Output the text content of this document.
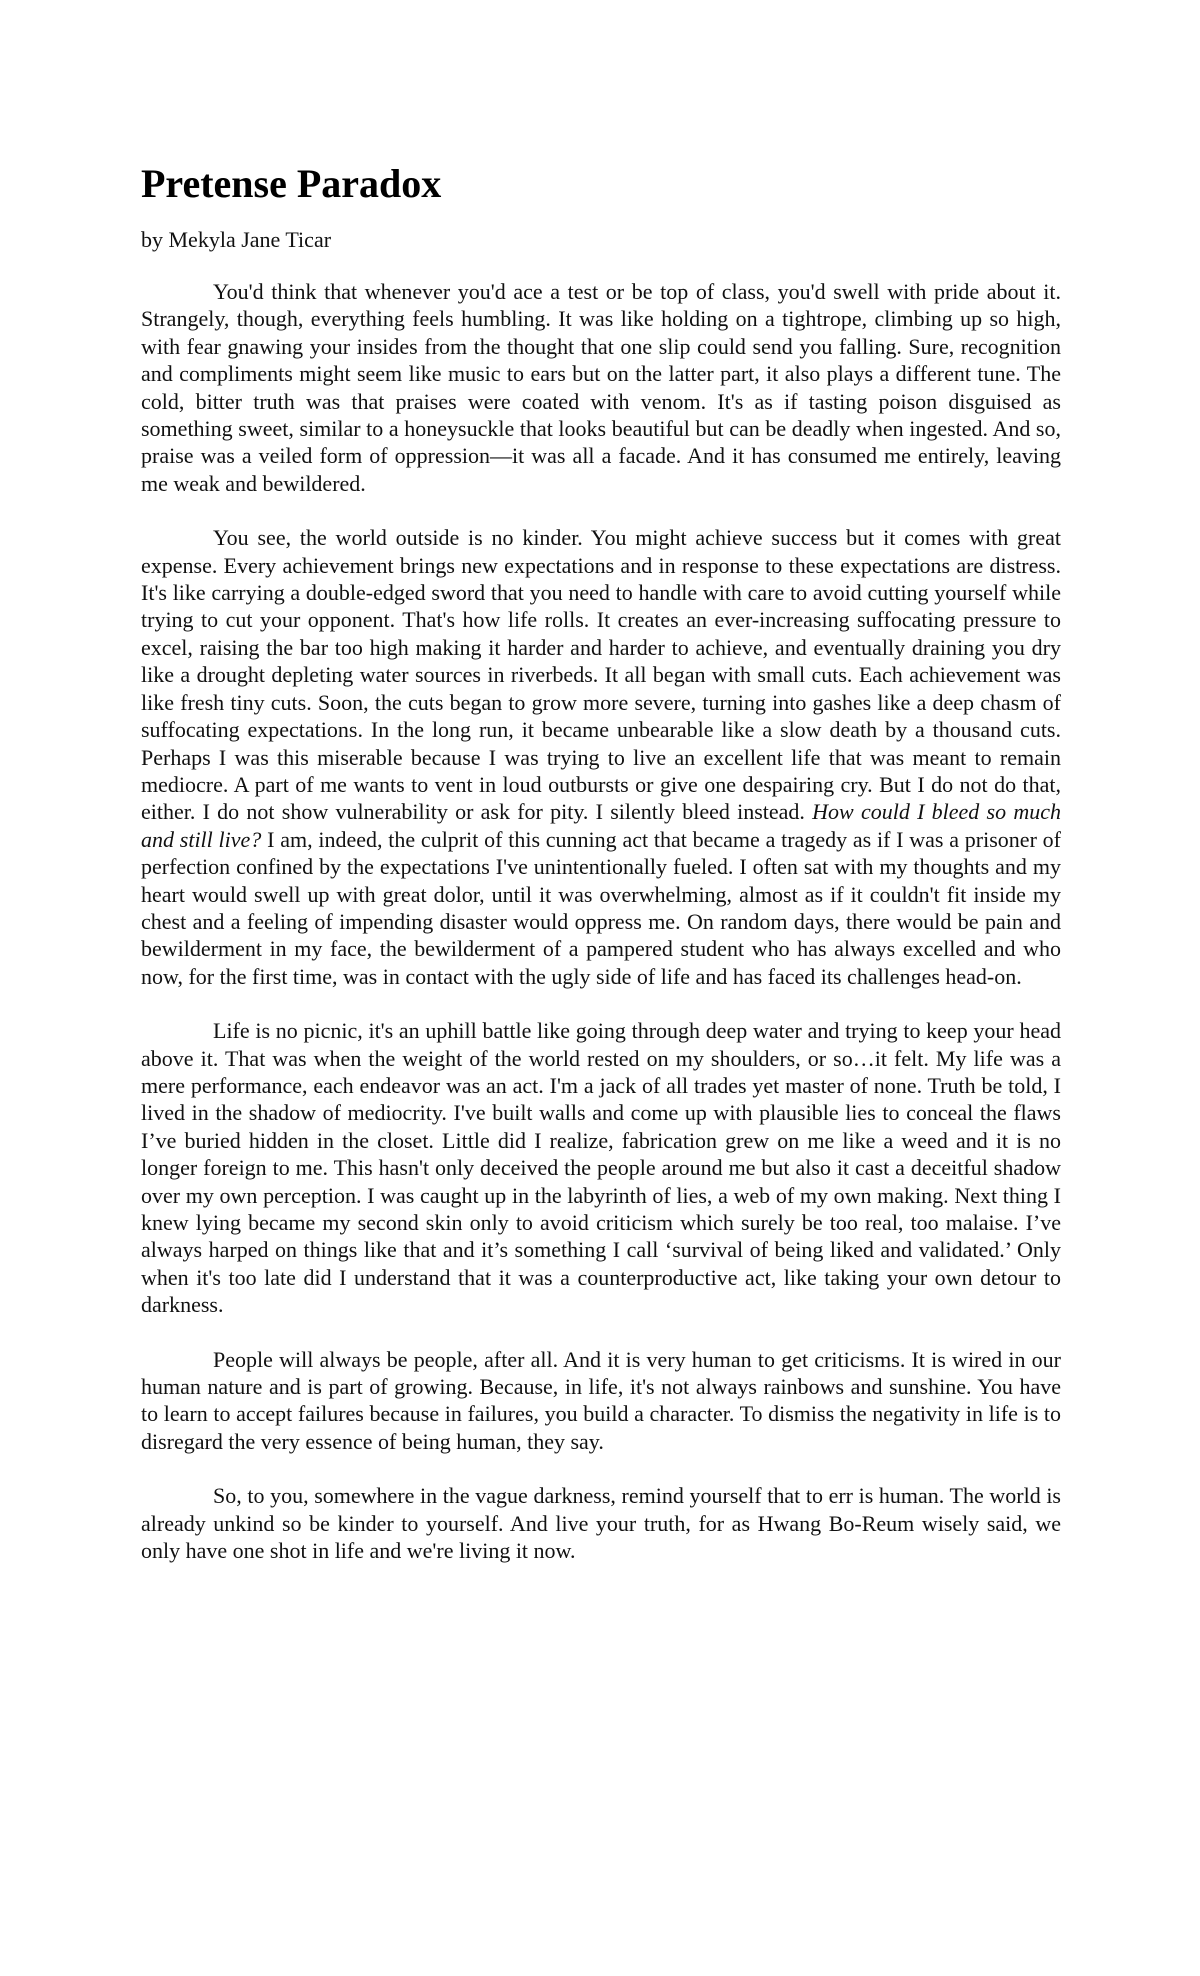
Pretense Paradox
by Mekyla Jane Ticar

You'd think that whenever you'd ace a test or be top of class, you'd swell with pride about it. Strangely, though, everything feels humbling. It was like holding on a tightrope, climbing up so high, with fear gnawing your insides from the thought that one slip could send you falling. Sure, recognition and compliments might seem like music to ears but on the latter part, it also plays a different tune. The cold, bitter truth was that praises were coated with venom. It's as if tasting poison disguised as something sweet, similar to a honeysuckle that looks beautiful but can be deadly when ingested. And so, praise was a veiled form of oppression—it was all a facade. And it has consumed me entirely, leaving me weak and bewildered.

You see, the world outside is no kinder. You might achieve success but it comes with great expense. Every achievement brings new expectations and in response to these expectations are distress. It's like carrying a double-edged sword that you need to handle with care to avoid cutting yourself while trying to cut your opponent. That's how life rolls. It creates an ever-increasing suffocating pressure to excel, raising the bar too high making it harder and harder to achieve, and eventually draining you dry like a drought depleting water sources in riverbeds. It all began with small cuts. Each achievement was like fresh tiny cuts. Soon, the cuts began to grow more severe, turning into gashes like a deep chasm of suffocating expectations. In the long run, it became unbearable like a slow death by a thousand cuts. Perhaps I was this miserable because I was trying to live an excellent life that was meant to remain mediocre. A part of me wants to vent in loud outbursts or give one despairing cry. But I do not do that, either. I do not show vulnerability or ask for pity. I silently bleed instead. How could I bleed so much and still live? I am, indeed, the culprit of this cunning act that became a tragedy as if I was a prisoner of perfection confined by the expectations I've unintentionally fueled. I often sat with my thoughts and my heart would swell up with great dolor, until it was overwhelming, almost as if it couldn't fit inside my chest and a feeling of impending disaster would oppress me. On random days, there would be pain and bewilderment in my face, the bewilderment of a pampered student who has always excelled and who now, for the first time, was in contact with the ugly side of life and has faced its challenges head-on.

Life is no picnic, it's an uphill battle like going through deep water and trying to keep your head above it. That was when the weight of the world rested on my shoulders, or so…it felt. My life was a mere performance, each endeavor was an act. I'm a jack of all trades yet master of none. Truth be told, I lived in the shadow of mediocrity. I've built walls and come up with plausible lies to conceal the flaws I’ve buried hidden in the closet. Little did I realize, fabrication grew on me like a weed and it is no longer foreign to me. This hasn't only deceived the people around me but also it cast a deceitful shadow over my own perception. I was caught up in the labyrinth of lies, a web of my own making. Next thing I knew lying became my second skin only to avoid criticism which surely be too real, too malaise. I’ve always harped on things like that and it’s something I call ‘survival of being liked and validated.’ Only when it's too late did I understand that it was a counterproductive act, like taking your own detour to darkness.

People will always be people, after all. And it is very human to get criticisms. It is wired in our human nature and is part of growing. Because, in life, it's not always rainbows and sunshine. You have to learn to accept failures because in failures, you build a character. To dismiss the negativity in life is to disregard the very essence of being human, they say.

So, to you, somewhere in the vague darkness, remind yourself that to err is human. The world is already unkind so be kinder to yourself. And live your truth, for as Hwang Bo-Reum wisely said, we only have one shot in life and we're living it now.
